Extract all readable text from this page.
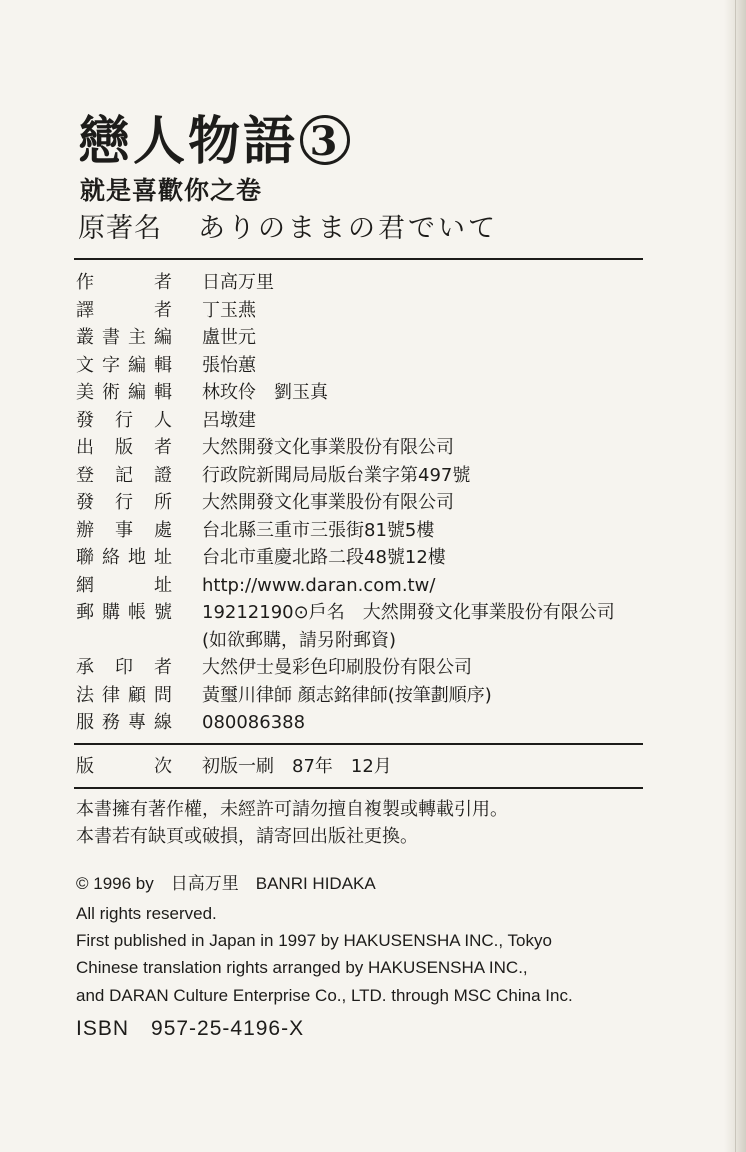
戀人物語 3
就是喜歡你之卷
原著名 ありのままの君でいて
作　者 日高万里
譯　者 丁玉燕
叢書主編 盧世元
文字編輯 張怡蕙
美術編輯 林玫伶　劉玉真
發行人 呂墩建
出版者 大然開發文化事業股份有限公司
登記證 行政院新聞局局版台業字第497號
發行所 大然開發文化事業股份有限公司
辦事處 台北縣三重市三張街81號5樓
聯絡地址 台北市重慶北路二段48號12樓
網　址 http://www.daran.com.tw/
郵購帳號 19212190⊙戶名　大然開發文化事業股份有限公司
(如欲郵購，請另附郵資)
承印者 大然伊士曼彩色印刷股份有限公司
法律顧問 黃璽川律師 顏志銘律師(按筆劃順序)
服務專線 080086388
版　次 初版一刷　87年　12月
本書擁有著作權，未經許可請勿擅自複製或轉載引用。
本書若有缺頁或破損，請寄回出版社更換。
© 1996 by　日高万里　BANRI HIDAKA
All rights reserved.
First published in Japan in 1997 by HAKUSENSHA INC., Tokyo
Chinese translation rights arranged by HAKUSENSHA INC.,
and DARAN Culture Enterprise Co., LTD. through MSC China Inc.
ISBN　957-25-4196-X
